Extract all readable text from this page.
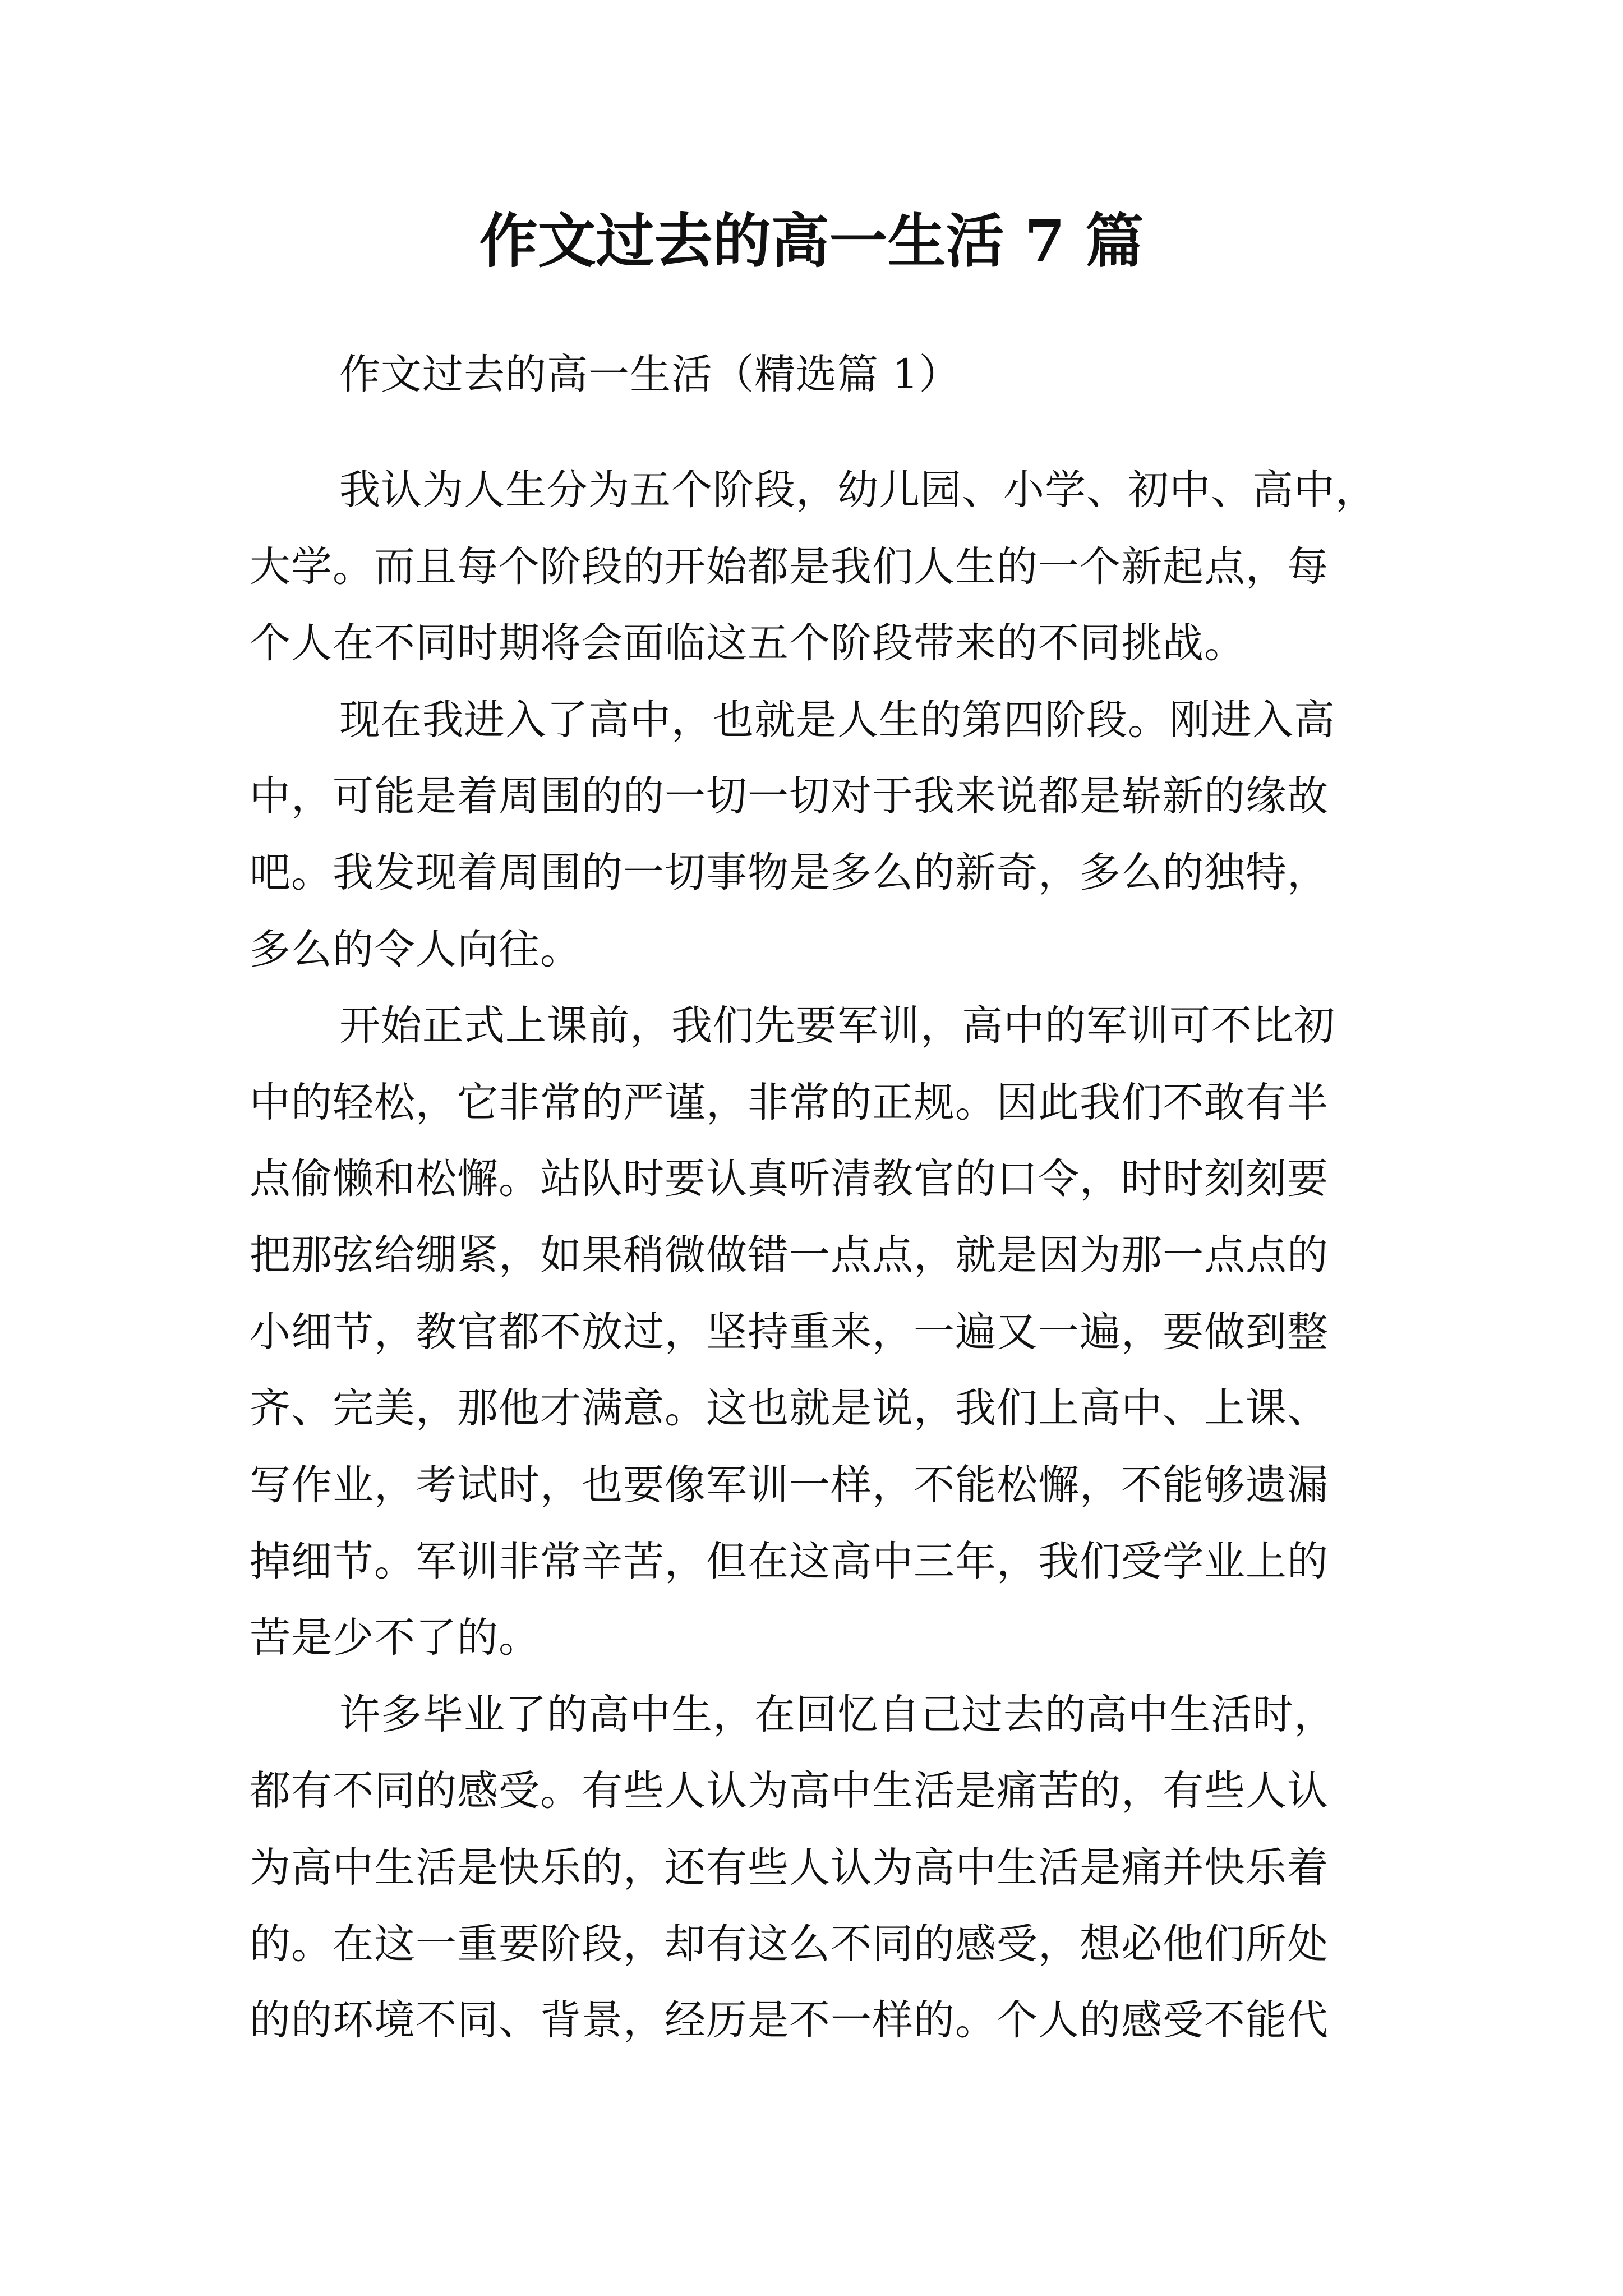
作文过去的高一生活 7 篇
作文过去的高一生活（精选篇 1）
我认为人生分为五个阶段，幼儿园、小学、初中、高中，
大学。而且每个阶段的开始都是我们人生的一个新起点，每
个人在不同时期将会面临这五个阶段带来的不同挑战。
现在我进入了高中，也就是人生的第四阶段。刚进入高
中，可能是着周围的的一切一切对于我来说都是崭新的缘故
吧。我发现着周围的一切事物是多么的新奇，多么的独特，
多么的令人向往。
开始正式上课前，我们先要军训，高中的军训可不比初
中的轻松，它非常的严谨，非常的正规。因此我们不敢有半
点偷懒和松懈。站队时要认真听清教官的口令，时时刻刻要
把那弦给绷紧，如果稍微做错一点点，就是因为那一点点的
小细节，教官都不放过，坚持重来，一遍又一遍，要做到整
齐、完美，那他才满意。这也就是说，我们上高中、上课、
写作业，考试时，也要像军训一样，不能松懈，不能够遗漏
掉细节。军训非常辛苦，但在这高中三年，我们受学业上的
苦是少不了的。
许多毕业了的高中生，在回忆自己过去的高中生活时，
都有不同的感受。有些人认为高中生活是痛苦的，有些人认
为高中生活是快乐的，还有些人认为高中生活是痛并快乐着
的。在这一重要阶段，却有这么不同的感受，想必他们所处
的的环境不同、背景，经历是不一样的。个人的感受不能代
